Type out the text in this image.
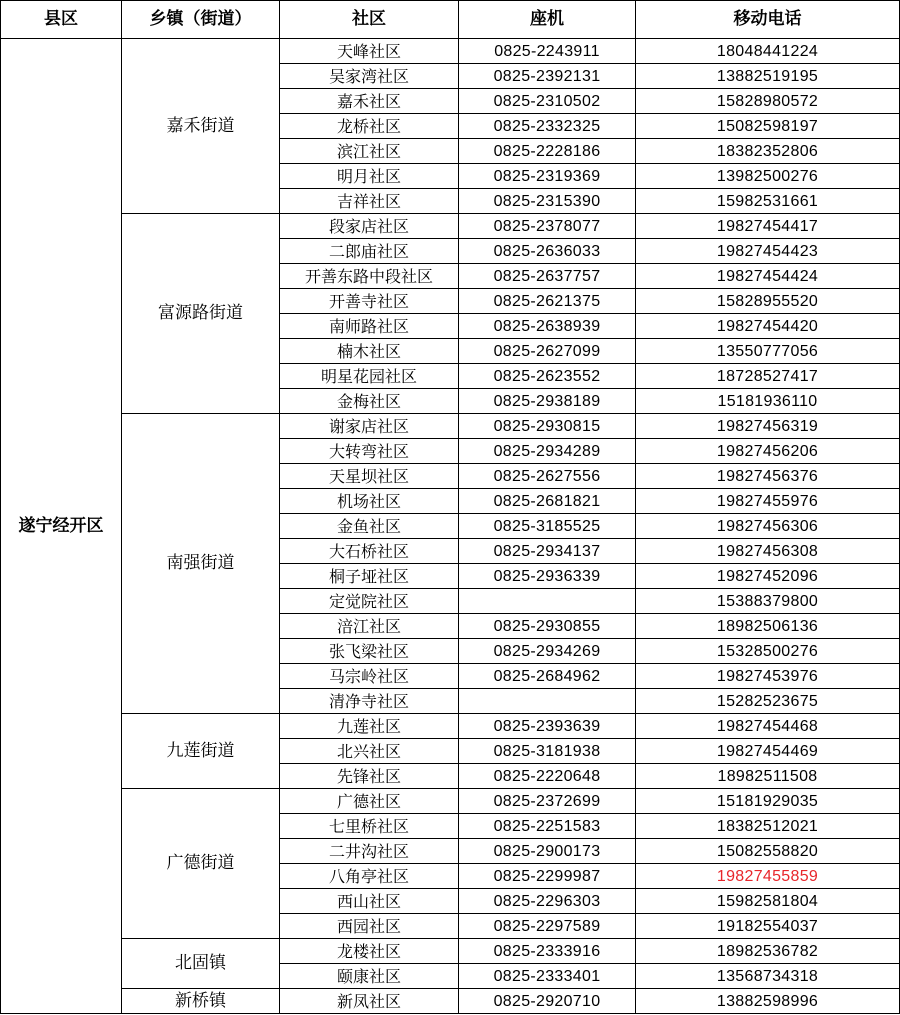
县区	乡镇（街道）	社区	座机	移动电话
遂宁经开区	嘉禾街道	天峰社区	0825-2243911	18048441224
		吴家湾社区	0825-2392131	13882519195
		嘉禾社区	0825-2310502	15828980572
		龙桥社区	0825-2332325	15082598197
		滨江社区	0825-2228186	18382352806
		明月社区	0825-2319369	13982500276
		吉祥社区	0825-2315390	15982531661
	富源路街道	段家店社区	0825-2378077	19827454417
		二郎庙社区	0825-2636033	19827454423
		开善东路中段社区	0825-2637757	19827454424
		开善寺社区	0825-2621375	15828955520
		南师路社区	0825-2638939	19827454420
		楠木社区	0825-2627099	13550777056
		明星花园社区	0825-2623552	18728527417
		金梅社区	0825-2938189	15181936110
	南强街道	谢家店社区	0825-2930815	19827456319
		大转弯社区	0825-2934289	19827456206
		天星坝社区	0825-2627556	19827456376
		机场社区	0825-2681821	19827455976
		金鱼社区	0825-3185525	19827456306
		大石桥社区	0825-2934137	19827456308
		桐子垭社区	0825-2936339	19827452096
		定觉院社区		15388379800
		涪江社区	0825-2930855	18982506136
		张飞梁社区	0825-2934269	15328500276
		马宗岭社区	0825-2684962	19827453976
		清净寺社区		15282523675
	九莲街道	九莲社区	0825-2393639	19827454468
		北兴社区	0825-3181938	19827454469
		先锋社区	0825-2220648	18982511508
	广德街道	广德社区	0825-2372699	15181929035
		七里桥社区	0825-2251583	18382512021
		二井沟社区	0825-2900173	15082558820
		八角亭社区	0825-2299987	19827455859
		西山社区	0825-2296303	15982581804
		西园社区	0825-2297589	19182554037
	北固镇	龙楼社区	0825-2333916	18982536782
		颐康社区	0825-2333401	13568734318
	新桥镇	新凤社区	0825-2920710	13882598996
